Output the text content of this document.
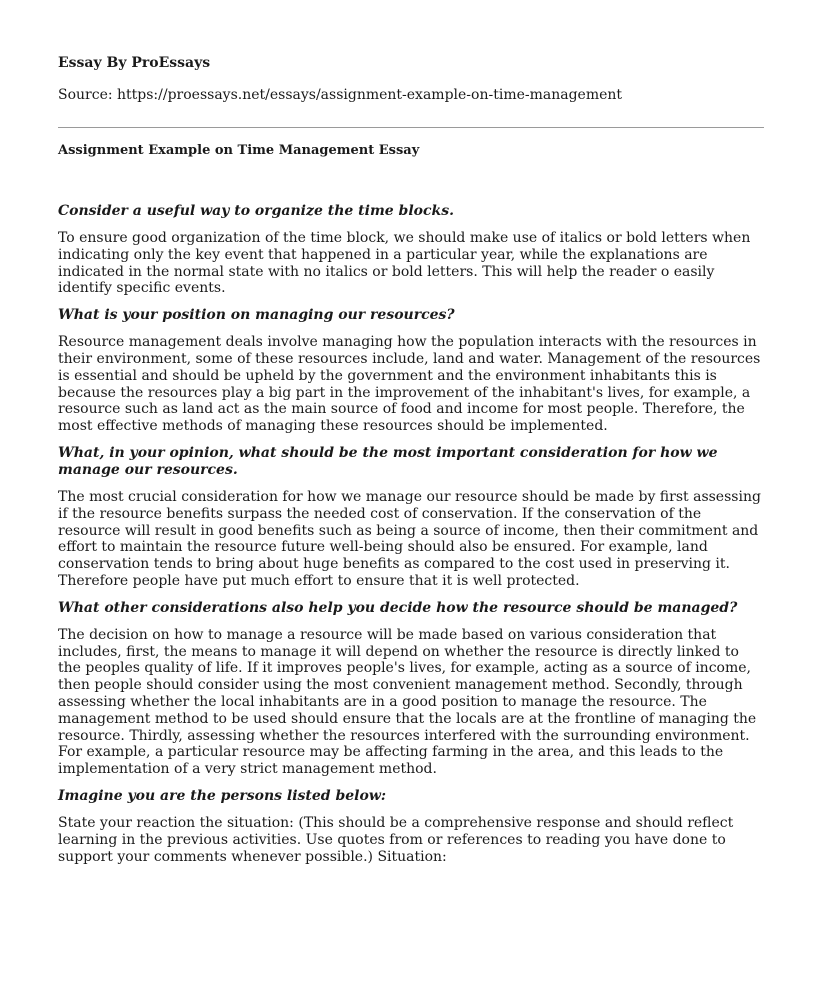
Essay By ProEssays
Source: https://proessays.net/essays/assignment-example-on-time-management
Assignment Example on Time Management Essay

Consider a useful way to organize the time blocks.

To ensure good organization of the time block, we should make use of italics or bold letters when indicating only the key event that happened in a particular year, while the explanations are indicated in the normal state with no italics or bold letters. This will help the reader o easily identify specific events.

What is your position on managing our resources?

Resource management deals involve managing how the population interacts with the resources in their environment, some of these resources include, land and water. Management of the resources is essential and should be upheld by the government and the environment inhabitants this is because the resources play a big part in the improvement of the inhabitant's lives, for example, a resource such as land act as the main source of food and income for most people. Therefore, the most effective methods of managing these resources should be implemented.

What, in your opinion, what should be the most important consideration for how we manage our resources.

The most crucial consideration for how we manage our resource should be made by first assessing if the resource benefits surpass the needed cost of conservation. If the conservation of the resource will result in good benefits such as being a source of income, then their commitment and effort to maintain the resource future well-being should also be ensured. For example, land conservation tends to bring about huge benefits as compared to the cost used in preserving it. Therefore people have put much effort to ensure that it is well protected.

What other considerations also help you decide how the resource should be managed?

The decision on how to manage a resource will be made based on various consideration that includes, first, the means to manage it will depend on whether the resource is directly linked to the peoples quality of life. If it improves people's lives, for example, acting as a source of income, then people should consider using the most convenient management method. Secondly, through assessing whether the local inhabitants are in a good position to manage the resource. The management method to be used should ensure that the locals are at the frontline of managing the resource. Thirdly, assessing whether the resources interfered with the surrounding environment. For example, a particular resource may be affecting farming in the area, and this leads to the implementation of a very strict management method.

Imagine you are the persons listed below:

State your reaction the situation: (This should be a comprehensive response and should reflect learning in the previous activities. Use quotes from or references to reading you have done to support your comments whenever possible.) Situation:
